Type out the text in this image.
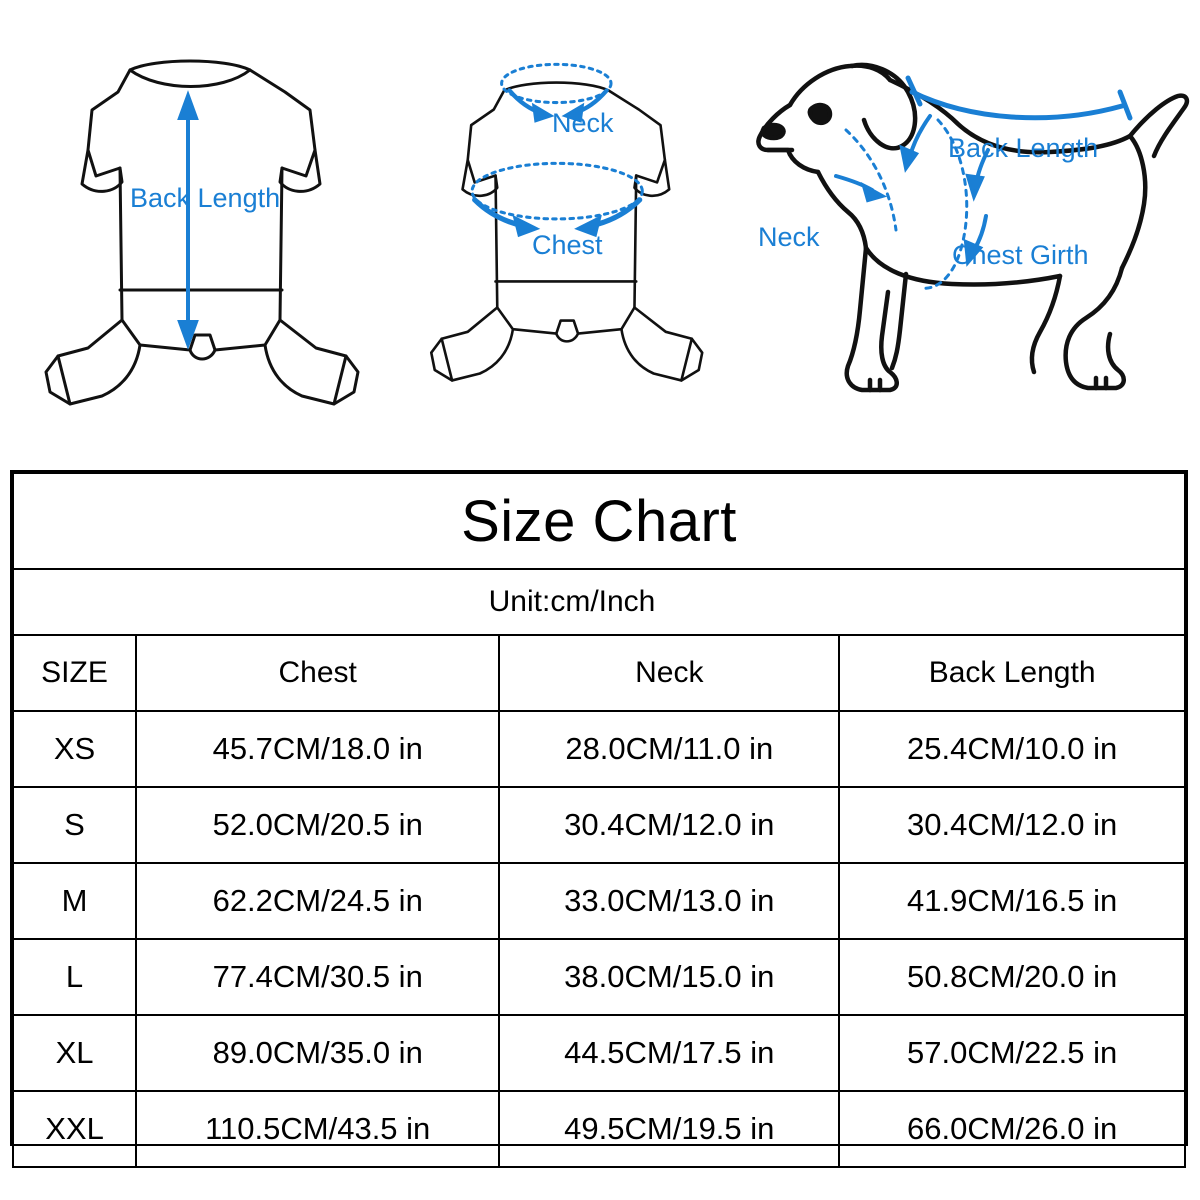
Back Length
Neck
Chest
Back Length
Neck
Chest Girth
Size Chart			
Unit:cm/Inch			
SIZE	Chest	Neck	Back Length
XS	45.7CM/18.0 in	28.0CM/11.0 in	25.4CM/10.0 in
S	52.0CM/20.5 in	30.4CM/12.0 in	30.4CM/12.0 in
M	62.2CM/24.5 in	33.0CM/13.0 in	41.9CM/16.5 in
L	77.4CM/30.5 in	38.0CM/15.0 in	50.8CM/20.0 in
XL	89.0CM/35.0 in	44.5CM/17.5 in	57.0CM/22.5 in
XXL	110.5CM/43.5 in	49.5CM/19.5 in	66.0CM/26.0 in
